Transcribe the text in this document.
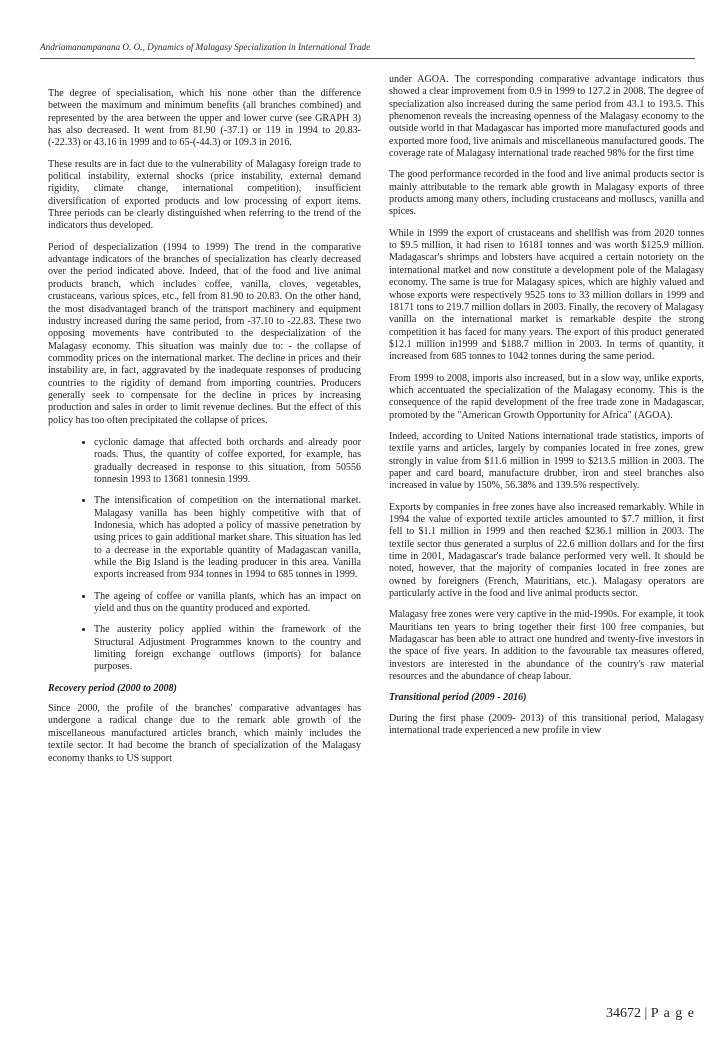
Andriamanampanana O. O., Dynamics of Malagasy Specialization in International Trade

The degree of specialisation, which his none other than the difference between the maximum and minimum benefits (all branches combined) and represented by the area between the upper and lower curve (see GRAPH 3) has also decreased. It went from 81.90 (-37.1) or 119 in 1994 to 20.83- (-22.33) or 43.16 in 1999 and to 65-(-44.3) or 109.3 in 2016.

These results are in fact due to the vulnerability of Malagasy foreign trade to political instability, external shocks (price instability, external demand rigidity, climate change, international competition), insufficient diversification of exported products and low processing of export items. Three periods can be clearly distinguished when referring to the trend of the indicators thus developed.

Period of despecialization (1994 to 1999) The trend in the comparative advantage indicators of the branches of specialization has clearly decreased over the period indicated above. Indeed, that of the food and live animal products branch, which includes coffee, vanilla, cloves, vegetables, crustaceans, various spices, etc., fell from 81.90 to 20.83. On the other hand, the most disadvantaged branch of the transport machinery and equipment industry increased during the same period, from -37.10 to -22.83. These two opposing movements have contributed to the despecialization of the Malagasy economy. This situation was mainly due to: - the collapse of commodity prices on the international market. The decline in prices and their instability are, in fact, aggravated by the inadequate responses of producing countries to the rigidity of demand from importing countries. Producers generally seek to compensate for the decline in prices by increasing production and sales in order to limit revenue declines. But the effect of this policy has too often precipitated the collapse of prices.

• cyclonic damage that affected both orchards and already poor roads. Thus, the quantity of coffee exported, for example, has gradually decreased in response to this situation, from 50556 tonnesin 1993 to 13681 tonnesin 1999.
• The intensification of competition on the international market. Malagasy vanilla has been highly competitive with that of Indonesia, which has adopted a policy of massive penetration by using prices to gain additional market share. This situation has led to a decrease in the exportable quantity of Madagascan vanilla, while the Big Island is the leading producer in this area. Vanilla exports increased from 934 tonnes in 1994 to 685 tonnes in 1999.
• The ageing of coffee or vanilla plants, which has an impact on yield and thus on the quantity produced and exported.
• The austerity policy applied within the framework of the Structural Adjustment Programmes known to the country and limiting foreign exchange outflows (imports) for balance purposes.

Recovery period (2000 to 2008)

Since 2000, the profile of the branches' comparative advantages has undergone a radical change due to the remark able growth of the miscellaneous manufactured articles branch, which mainly includes the textile sector. It had become the branch of specialization of the Malagasy economy thanks to US support

under AGOA. The corresponding comparative advantage indicators thus showed a clear improvement from 0.9 in 1999 to 127.2 in 2008. The degree of specialization also increased during the same period from 43.1 to 193.5. This phenomenon reveals the increasing openness of the Malagasy economy to the outside world in that Madagascar has imported more manufactured goods and exported more food, live animals and miscellaneous manufactured goods. The coverage rate of Malagasy international trade reached 98% for the first time

The good performance recorded in the food and live animal products sector is mainly attributable to the remark able growth in Malagasy exports of three products among many others, including crustaceans and molluscs, vanilla and spices.

While in 1999 the export of crustaceans and shellfish was from 2020 tonnes to $9.5 million, it had risen to 16181 tonnes and was worth $125.9 million. Madagascar's shrimps and lobsters have acquired a certain notoriety on the international market and now constitute a development pole of the Malagasy economy. The same is true for Malagasy spices, which are highly valued and whose exports were respectively 9525 tons to 33 million dollars in 1999 and 18171 tons to 219.7 million dollars in 2003. Finally, the recovery of Malagasy vanilla on the international market is remarkable despite the strong competition it has faced for many years. The export of this product generated $12.1 million in1999 and $188.7 million in 2003. In terms of quantity, it increased from 685 tonnes to 1042 tonnes during the same period.

From 1999 to 2008, imports also increased, but in a slow way, unlike exports, which accentuated the specialization of the Malagasy economy. This is the consequence of the rapid development of the free trade zone in Madagascar, promoted by the "American Growth Opportunity for Africa" (AGOA).

Indeed, according to United Nations international trade statistics, imports of textile yarns and articles, largely by companies located in free zones, grew strongly in value from $11.6 million in 1999 to $213.5 million in 2003. The paper and card board, manufacture drubber, iron and steel branches also increased in value by 150%, 56.38% and 139.5% respectively.

Exports by companies in free zones have also increased remarkably. While in 1994 the value of exported textile articles amounted to $7.7 million, it first fell to $1.1 million in 1999 and then reached $236.1 million in 2003. The textile sector thus generated a surplus of 22.6 million dollars and for the first time in 2001, Madagascar's trade balance performed very well. It should be noted, however, that the majority of companies located in free zones are owned by foreigners (French, Mauritians, etc.). Malagasy operators are particularly active in the food and live animal products sector.

Malagasy free zones were very captive in the mid-1990s. For example, it took Mauritians ten years to bring together their first 100 free companies, but Madagascar has been able to attract one hundred and twenty-five investors in the space of five years. In addition to the favourable tax measures offered, investors are interested in the abundance of the country's raw material resources and the abundance of cheap labour.

Transitional period (2009 - 2016)

During the first phase (2009- 2013) of this transitional period, Malagasy international trade experienced a new profile in view

34672 | P a g e
